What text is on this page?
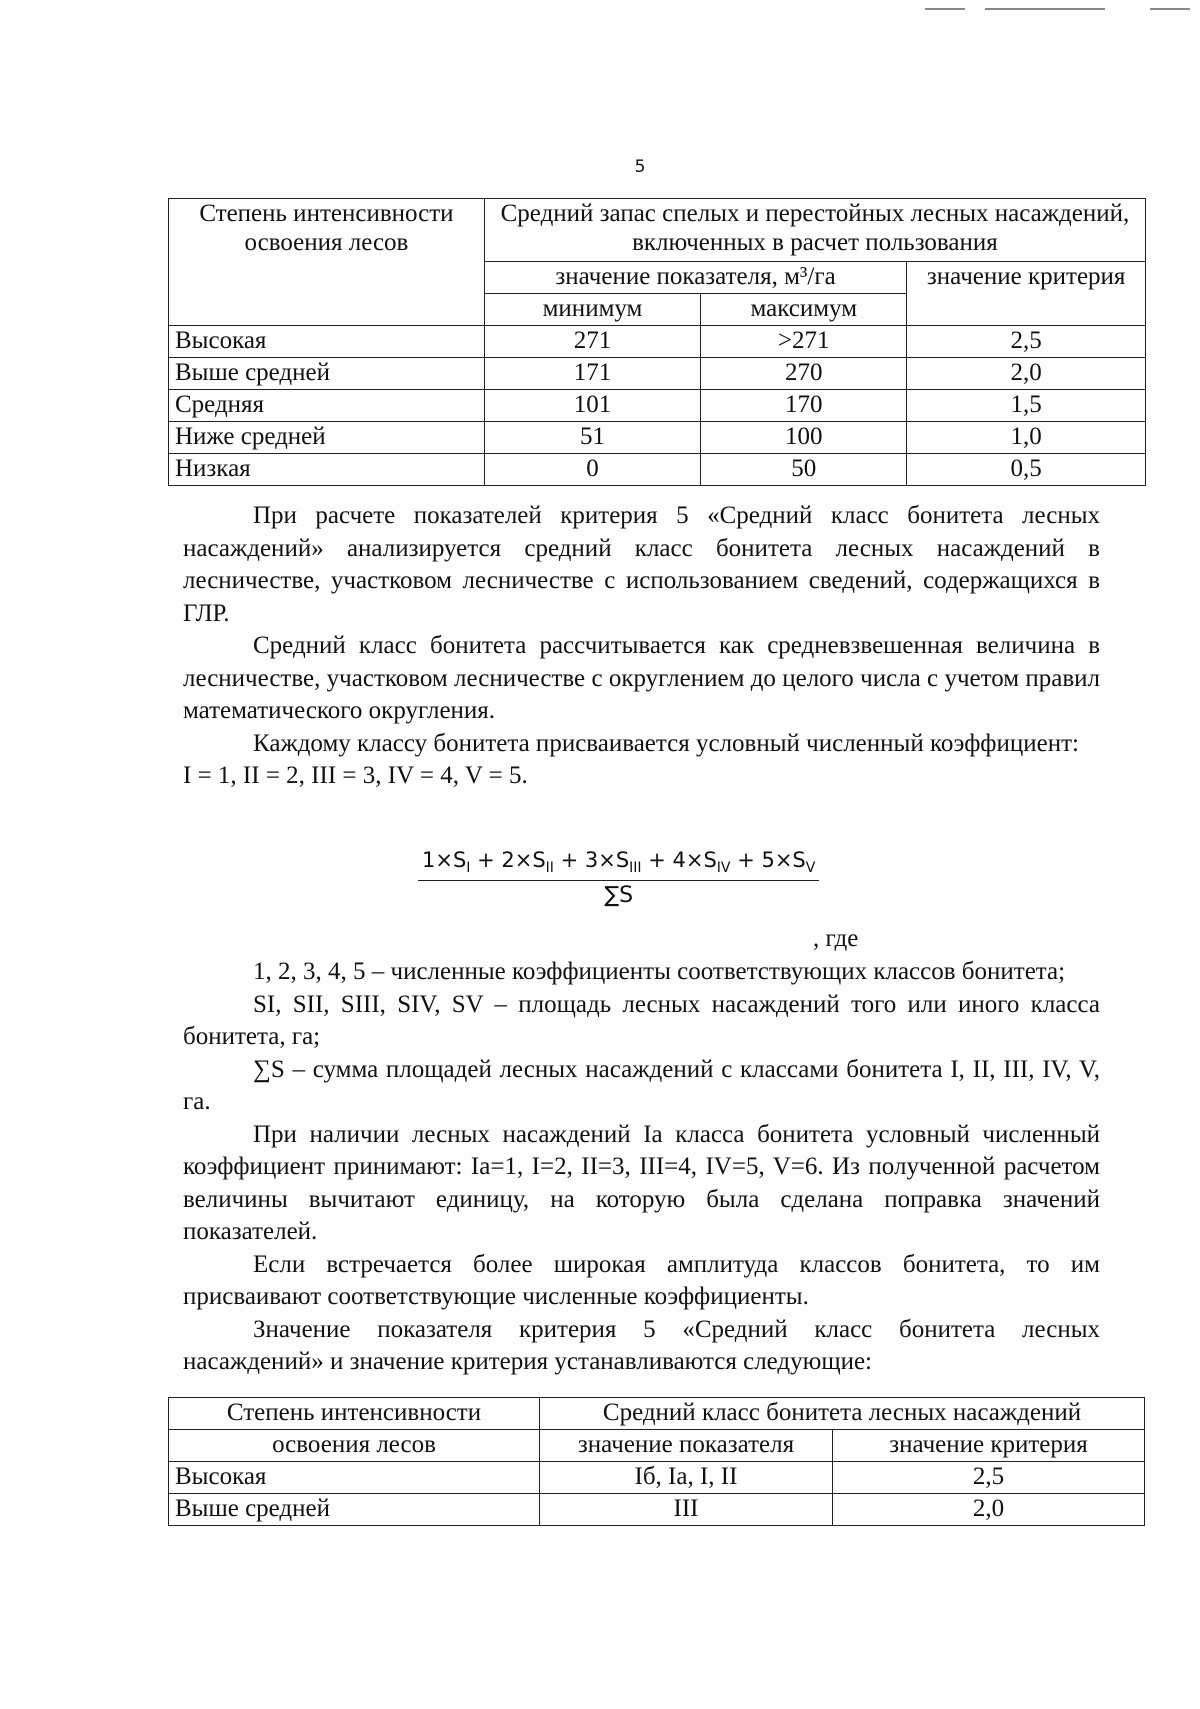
5
Степень интенсивности освоения лесов	Средний запас спелых и перестойных лесных насаждений, включенных в расчет пользования		
	значение показателя, м³/га		значение критерия
	минимум	максимум	
Высокая	271	>271	2,5
Выше средней	171	270	2,0
Средняя	101	170	1,5
Ниже средней	51	100	1,0
Низкая	0	50	0,5

При расчете показателей критерия 5 «Средний класс бонитета лесных насаждений» анализируется средний класс бонитета лесных насаждений в лесничестве, участковом лесничестве с использованием сведений, содержащихся в ГЛР.

Средний класс бонитета рассчитывается как средневзвешенная величина в лесничестве, участковом лесничестве с округлением до целого числа с учетом правил математического округления.

Каждому классу бонитета присваивается условный численный коэффициент:

I = 1, II = 2, III = 3, IV = 4, V = 5.

$1\times S_I + 2\times S_{II} + 3\times S_{III} + 4\times S_{IV} + 5\times S_V$
∑S
, где

1, 2, 3, 4, 5 – численные коэффициенты соответствующих классов бонитета;

SI, SII, SIII, SIV, SV – площадь лесных насаждений того или иного класса бонитета, га;

∑S – сумма площадей лесных насаждений с классами бонитета I, II, III, IV, V, га.

При наличии лесных насаждений Ia класса бонитета условный численный коэффициент принимают: Ia=1, I=2, II=3, III=4, IV=5, V=6. Из полученной расчетом величины вычитают единицу, на которую была сделана поправка значений показателей.

Если встречается более широкая амплитуда классов бонитета, то им присваивают соответствующие численные коэффициенты.

Значение показателя критерия 5 «Средний класс бонитета лесных насаждений» и значение критерия устанавливаются следующие:

Степень интенсивности	Средний класс бонитета лесных насаждений	
освоения лесов	значение показателя	значение критерия
Высокая	Iб, Ia, I, II	2,5
Выше средней	III	2,0
